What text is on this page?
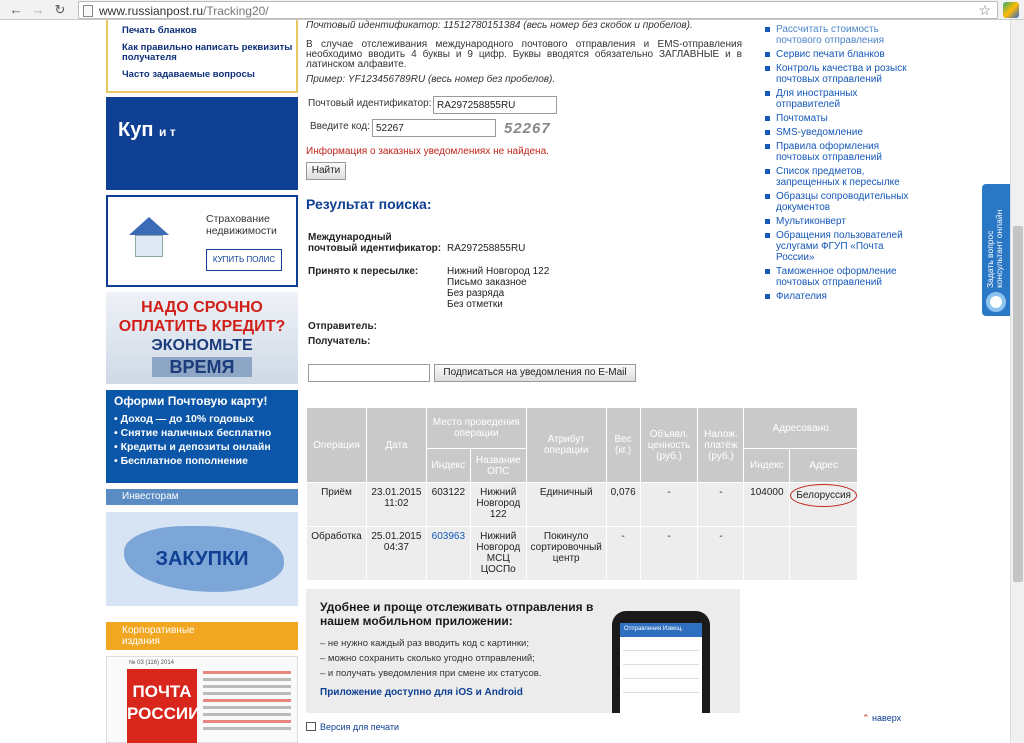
← → ↻	www.russianpost.ru/Tracking20/	☆
Печать бланков
Как правильно написать реквизиты получателя
Частo задаваемые вопросы
Куп и т
Страхование недвижимости
КУПИТЬ ПОЛИС
НАДО СРОЧНО
ОПЛАТИТЬ КРЕДИТ?
ЭКОНОМЬТЕ
ВРЕМЯ
Оформи Почтовую карту!
• Доход — до 10% годовых
• Снятие наличных бесплатно
• Кредиты и депозиты онлайн
• Бесплатное пополнение
Инвесторам
ЗАКУПКИ
Корпоративные издания
№ 03 (116) 2014
ПОЧТА
РОССИИ
Почтовый идентификатор: 11512780151384 (весь номер без скобок и пробелов).
В случае отслеживания международного почтового отправления и EMS-отправления необходимо вводить 4 буквы и 9 цифр. Буквы вводятся обязательно ЗАГЛАВНЫЕ и в латинском алфавите.
Пример: YF123456789RU (весь номер без пробелов).
Почтовый идентификатор:
RA297258855RU
Введите код:
52267	52267
Информация о заказных уведомлениях не найдена.
Найти
Результат поиска:
Международный
почтовый идентификатор: RA297258855RU
Принято к пересылке:	Нижний Новгород 122
Письмо заказное
Без разряда
Без отметки
Отправитель:
Получатель:
Подписаться на уведомления по E-Mail
Операция	Дата	Место проведения операции		Атрибут операции	Вес (кг.)	Объявл. ценность (руб.)	Налож. платёж (руб.)	Адресовано	
		Индекс	Название ОПС					Индекс	Адрес
Приём	23.01.2015 11:02	603122	Нижний Новгород 122	Единичный	0,076	-	-	104000	Белоруссия
Обработка	25.01.2015 04:37	603963	Нижний Новгород МСЦ ЦОСПо	Покинуло сортировочный центр	-	-	-		
Удобнее и проще отслеживать отправления в нашем мобильном приложении:
– не нужно каждый раз вводить код с картинки;
– можно сохранить сколько угодно отправлений;
– и получать уведомления при смене их статусов.
Приложение доступно для iOS и Android
Отправления Извещ.
Версия для печати
⌃ наверх
Рассчитать стоимость почтового отправления
Сервис печати бланков
Контроль качества и розыск почтовых отправлений
Для иностранных отправителей
Почтоматы
SMS-уведомление
Правила оформления почтовых отправлений
Список предметов, запрещенных к пересылке
Образцы сопроводительных документов
Мультиконверт
Обращения пользователей услугами ФГУП «Почта России»
Таможенное оформление почтовых отправлений
Филателия
Задать вопрос консультант онлайн
